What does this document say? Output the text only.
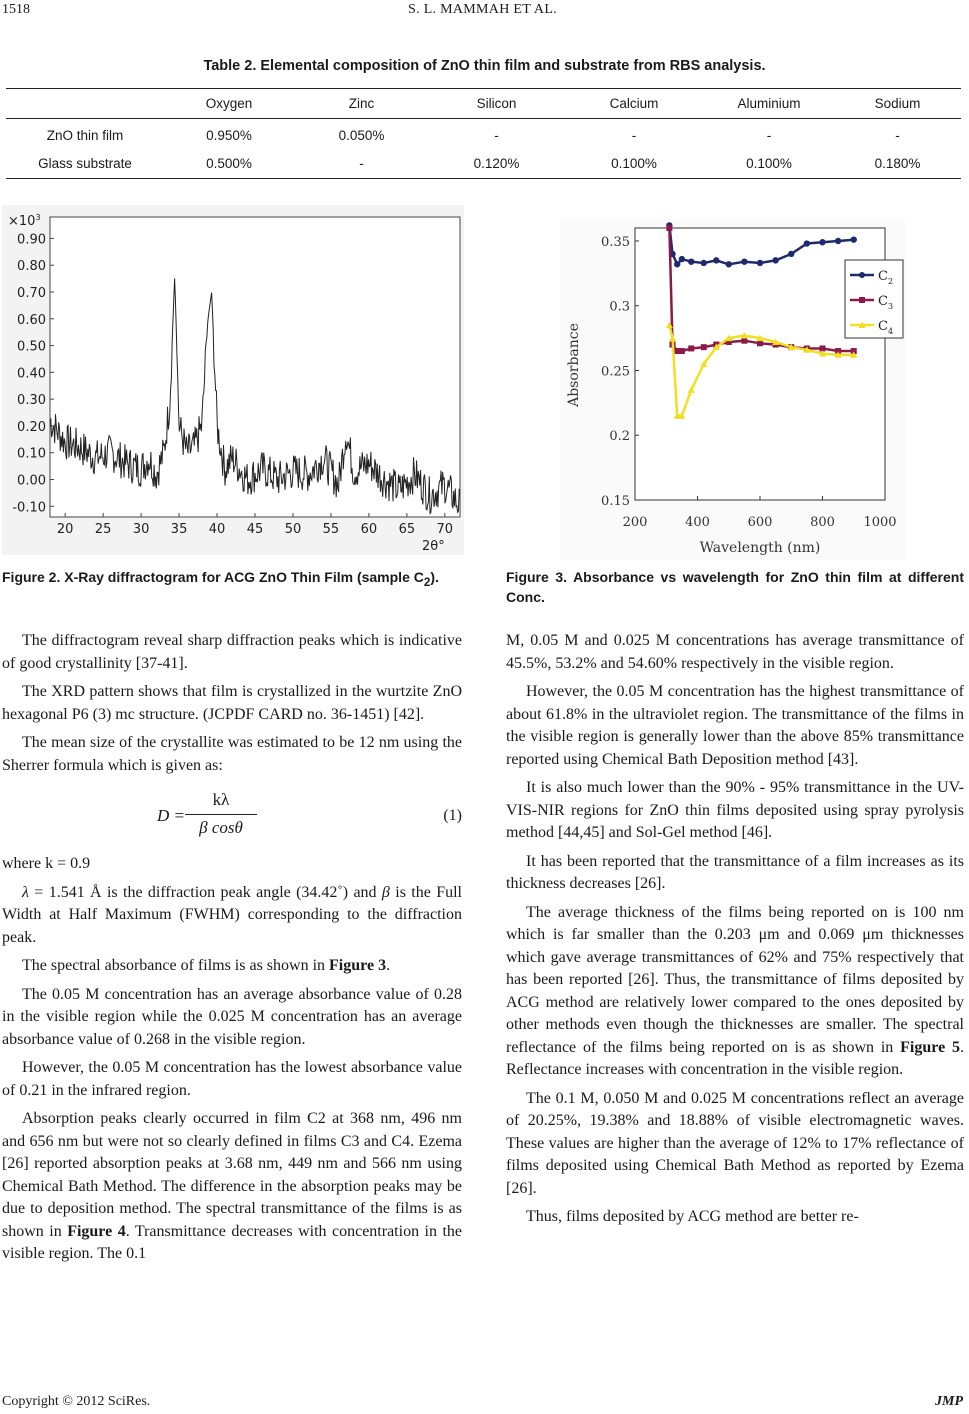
1518	S. L. MAMMAH ET AL.
Table 2. Elemental composition of ZnO thin film and substrate from RBS analysis.
	Oxygen	Zinc	Silicon	Calcium	Aluminium	Sodium
ZnO thin film	0.950%	0.050%	-	-	-	-
Glass substrate	0.500%	-	0.120%	0.100%	0.100%	0.180%
0.90
0.80
0.70
0.60
0.50
0.40
0.30
0.20
0.10
0.00
-0.10
20 25 30 35 40 45 50 55 60 65 70
$\times 10^3$
2θ°
Figure 2. X-Ray diffractogram for ACG ZnO Thin Film (sample $C_2$).
0.35
0.3
0.25
0.2
0.15
200	400	600	800 1000
Absorbance
Wavelength (nm)
$C_2$
$C_3$
$C_4$
Figure 3. Absorbance vs wavelength for ZnO thin film at different Conc.

The diffractogram reveal sharp diffraction peaks which is indicative of good crystallinity [37-41].

The XRD pattern shows that film is crystallized in the wurtzite ZnO hexagonal P6 (3) mc structure. (JCPDF CARD no. 36-1451) [42].

The mean size of the crystallite was estimated to be 12 nm using the Sherrer formula which is given as:

$D = \frac{k\lambda}{\text{β cosθ}}$	(1)

where k = 0.9

λ = 1.541 Å is the diffraction peak angle (34.42˚) and β is the Full Width at Half Maximum (FWHM) corresponding to the diffraction peak.

The spectral absorbance of films is as shown in Figure 3.

The 0.05 M concentration has an average absorbance value of 0.28 in the visible region while the 0.025 M concentration has an average absorbance value of 0.268 in the visible region.

However, the 0.05 M concentration has the lowest absorbance value of 0.21 in the infrared region.

Absorption peaks clearly occurred in film C2 at 368 nm, 496 nm and 656 nm but were not so clearly defined in films C3 and C4. Ezema [26] reported absorption peaks at 3.68 nm, 449 nm and 566 nm using Chemical Bath Method. The difference in the absorption peaks may be due to deposition method. The spectral transmittance of the films is as shown in Figure 4. Transmittance decreases with concentration in the visible region. The 0.1

M, 0.05 M and 0.025 M concentrations has average transmittance of 45.5%, 53.2% and 54.60% respectively in the visible region.

However, the 0.05 M concentration has the highest transmittance of about 61.8% in the ultraviolet region. The transmittance of the films in the visible region is generally lower than the above 85% transmittance reported using Chemical Bath Deposition method [43].

It is also much lower than the 90% - 95% transmittance in the UV-VIS-NIR regions for ZnO thin films deposited using spray pyrolysis method [44,45] and Sol-Gel method [46].

It has been reported that the transmittance of a film increases as its thickness decreases [26].

The average thickness of the films being reported on is 100 nm which is far smaller than the 0.203 μm and 0.069 μm thicknesses which gave average transmittances of 62% and 75% respectively that has been reported [26]. Thus, the transmittance of films deposited by ACG method are relatively lower compared to the ones deposited by other methods even though the thicknesses are smaller. The spectral reflectance of the films being reported on is as shown in Figure 5. Reflectance increases with concentration in the visible region.

The 0.1 M, 0.050 M and 0.025 M concentrations reflect an average of 20.25%, 19.38% and 18.88% of visible electromagnetic waves. These values are higher than the average of 12% to 17% reflectance of films deposited using Chemical Bath Method as reported by Ezema [26].

Thus, films deposited by ACG method are better re-

Copyright © 2012 SciRes.	JMP
